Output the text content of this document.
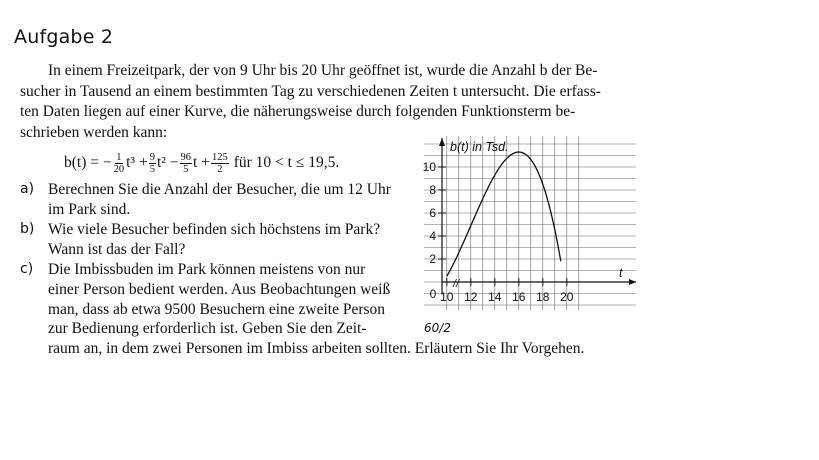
Aufgabe 2

In einem Freizeitpark, der von 9 Uhr bis 20 Uhr geöffnet ist, wurde die Anzahl b der Be-
sucher in Tausend an einem bestimmten Tag zu verschiedenen Zeiten t untersucht. Die erfass-
ten Daten liegen auf einer Kurve, die näherungsweise durch folgenden Funktionsterm be-
schrieben werden kann:

b(t) = − $\frac{1}{20} t^3 + \frac{9}{5} t^2 - \frac{96}{5}$ $t + \frac{125}{2}$ für 10 < t ≤ 19,5.
a) Berechnen Sie die Anzahl der Besucher, die um 12 Uhr
im Park sind.
b) Wie viele Besucher befinden sich höchstens im Park?
Wann ist das der Fall?
c) Die Imbissbuden im Park können meistens von nur
einer Person bedient werden. Aus Beobachtungen weiß
man, dass ab etwa 9500 Besuchern eine zweite Person
zur Bedienung erforderlich ist. Geben Sie den Zeit-
raum an, in dem zwei Personen im Imbiss arbeiten sollten. Erläutern Sie Ihr Vorgehen.
10
8
6
4
2
10 12 14 16 18 20
b(t) in Tsd.
t
0
//
60/2
